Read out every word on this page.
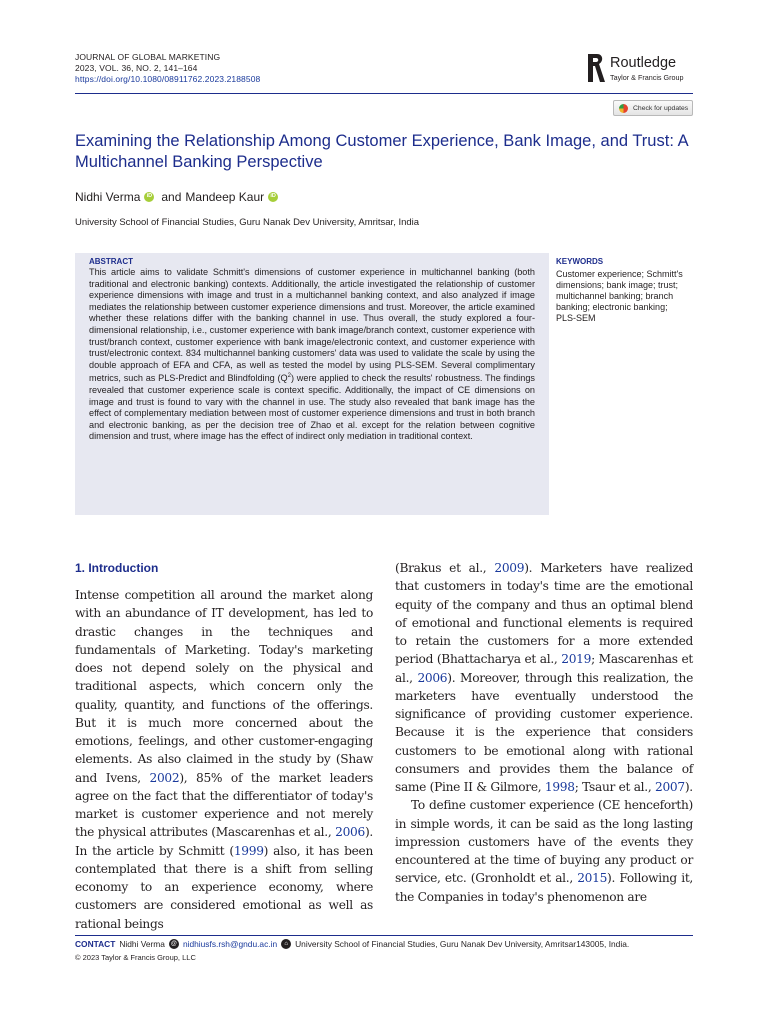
JOURNAL OF GLOBAL MARKETING
2023, VOL. 36, NO. 2, 141–164
https://doi.org/10.1080/08911762.2023.2188508
Routledge
Taylor & Francis Group
Check for updates
Examining the Relationship Among Customer Experience, Bank Image, and Trust: A Multichannel Banking Perspective
Nidhi Verma	iD and Mandeep Kaur	iD
University School of Financial Studies, Guru Nanak Dev University, Amritsar, India
ABSTRACT
This article aims to validate Schmitt's dimensions of customer experience in multichannel banking (both traditional and electronic banking) contexts. Additionally, the article investigated the relationship of customer experience dimensions with image and trust in a multichannel banking context, and also analyzed if image mediates the relationship between customer experience dimensions and trust. Moreover, the article examined whether these relations differ with the banking channel in use. Thus overall, the study explored a four-dimensional relationship, i.e., customer experience with bank image/branch context, customer experience with trust/branch context, customer experience with bank image/electronic context, and customer experience with trust/electronic context. 834 multichannel banking customers' data was used to validate the scale by using the double approach of EFA and CFA, as well as tested the model by using PLS-SEM. Several complimentary metrics, such as PLS-Predict and Blindfolding $(Q^2)$ were applied to check the results' robustness. The findings revealed that customer experience scale is context specific. Additionally, the impact of CE dimensions on image and trust is found to vary with the channel in use. The study also revealed that bank image has the effect of complementary mediation between most of customer experience dimensions and trust in both branch and electronic banking, as per the decision tree of Zhao et al. except for the relation between cognitive dimension and trust, where image has the effect of indirect only mediation in traditional context.
KEYWORDS
Customer experience; Schmitt's dimensions; bank image; trust; multichannel banking; branch banking; electronic banking; PLS-SEM
1. Introduction

Intense competition all around the market along with an abundance of IT development, has led to drastic changes in the techniques and fundamentals of Marketing. Today's marketing does not depend solely on the physical and traditional aspects, which concern only the quality, quantity, and functions of the offerings. But it is much more concerned about the emotions, feelings, and other customer-engaging elements. As also claimed in the study by (Shaw and Ivens, 2002), 85% of the market leaders agree on the fact that the differentiator of today's market is customer experience and not merely the physical attributes (Mascarenhas et al., 2006). In the article by Schmitt (1999) also, it has been contemplated that there is a shift from selling economy to an experience economy, where customers are considered emotional as well as rational beings

(Brakus et al., 2009). Marketers have realized that customers in today's time are the emotional equity of the company and thus an optimal blend of emotional and functional elements is required to retain the customers for a more extended period (Bhattacharya et al., 2019; Mascarenhas et al., 2006). Moreover, through this realization, the marketers have eventually understood the significance of providing customer experience. Because it is the experience that considers customers to be emotional along with rational consumers and provides them the balance of same (Pine II & Gilmore, 1998; Tsaur et al., 2007).

To define customer experience (CE henceforth) in simple words, it can be said as the long lasting impression customers have of the events they encountered at the time of buying any product or service, etc. (Gronholdt et al., 2015). Following it, the Companies in today's phenomenon are

CONTACT Nidhi Verma @ nidhiusfs.rsh@gndu.ac.in	⌂ University School of Financial Studies, Guru Nanak Dev University, Amritsar143005, India.
© 2023 Taylor & Francis Group, LLC
